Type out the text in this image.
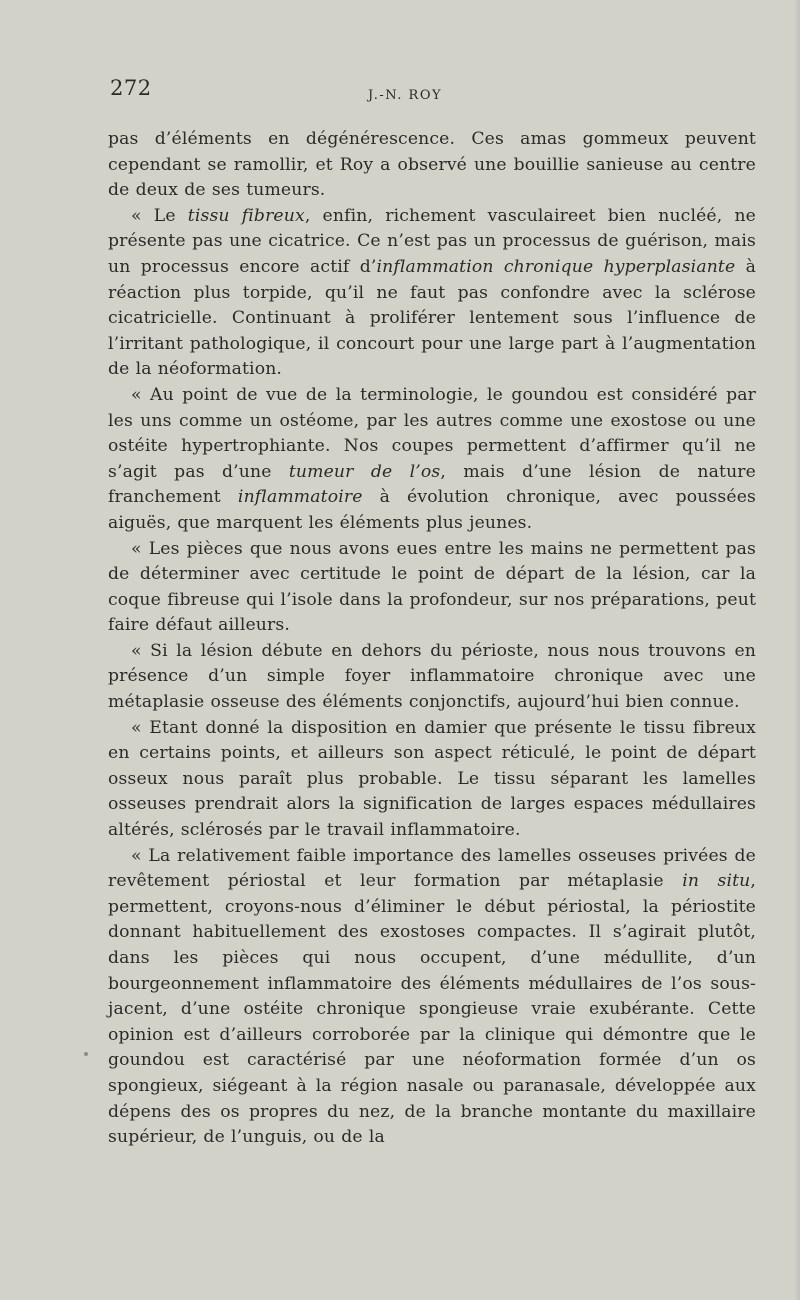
272	J.-N. ROY

pas d’éléments en dégénérescence. Ces amas gommeux peuvent cependant se ramollir, et Roy a observé une bouillie sanieuse au centre de deux de ses tumeurs.

« Le tissu fibreux, enfin, richement vasculaireet bien nucléé, ne présente pas une cicatrice. Ce n’est pas un processus de guérison, mais un processus encore actif d’inflammation chronique hyperplasiante à réaction plus torpide, qu’il ne faut pas confondre avec la sclérose cicatricielle. Continuant à proliférer lentement sous l’influence de l’irritant pathologique, il concourt pour une large part à l’augmentation de la néoformation.

« Au point de vue de la terminologie, le goundou est considéré par les uns comme un ostéome, par les autres comme une exostose ou une ostéite hypertrophiante. Nos coupes permettent d’affirmer qu’il ne s’agit pas d’une tumeur de l’os, mais d’une lésion de nature franchement inflammatoire à évolution chronique, avec poussées aiguës, que marquent les éléments plus jeunes.

« Les pièces que nous avons eues entre les mains ne permettent pas de déterminer avec certitude le point de départ de la lésion, car la coque fibreuse qui l’isole dans la profondeur, sur nos préparations, peut faire défaut ailleurs.

« Si la lésion débute en dehors du périoste, nous nous trouvons en présence d’un simple foyer inflammatoire chronique avec une métaplasie osseuse des éléments conjonctifs, aujourd’hui bien connue.

« Etant donné la disposition en damier que présente le tissu fibreux en certains points, et ailleurs son aspect réticulé, le point de départ osseux nous paraît plus probable. Le tissu séparant les lamelles osseuses prendrait alors la signification de larges espaces médullaires altérés, sclérosés par le travail inflammatoire.

« La relativement faible importance des lamelles osseuses privées de revêtement périostal et leur formation par métaplasie in situ, permettent, croyons-nous d’éliminer le début périostal, la périostite donnant habituellement des exostoses compactes. Il s’agirait plutôt, dans les pièces qui nous occupent, d’une médullite, d’un bourgeonnement inflammatoire des éléments médullaires de l’os sous-jacent, d’une ostéite chronique spongieuse vraie exubérante. Cette opinion est d’ailleurs corroborée par la clinique qui démontre que le goundou est caractérisé par une néoformation formée d’un os spongieux, siégeant à la région nasale ou paranasale, développée aux dépens des os propres du nez, de la branche montante du maxillaire supérieur, de l’unguis, ou de la
